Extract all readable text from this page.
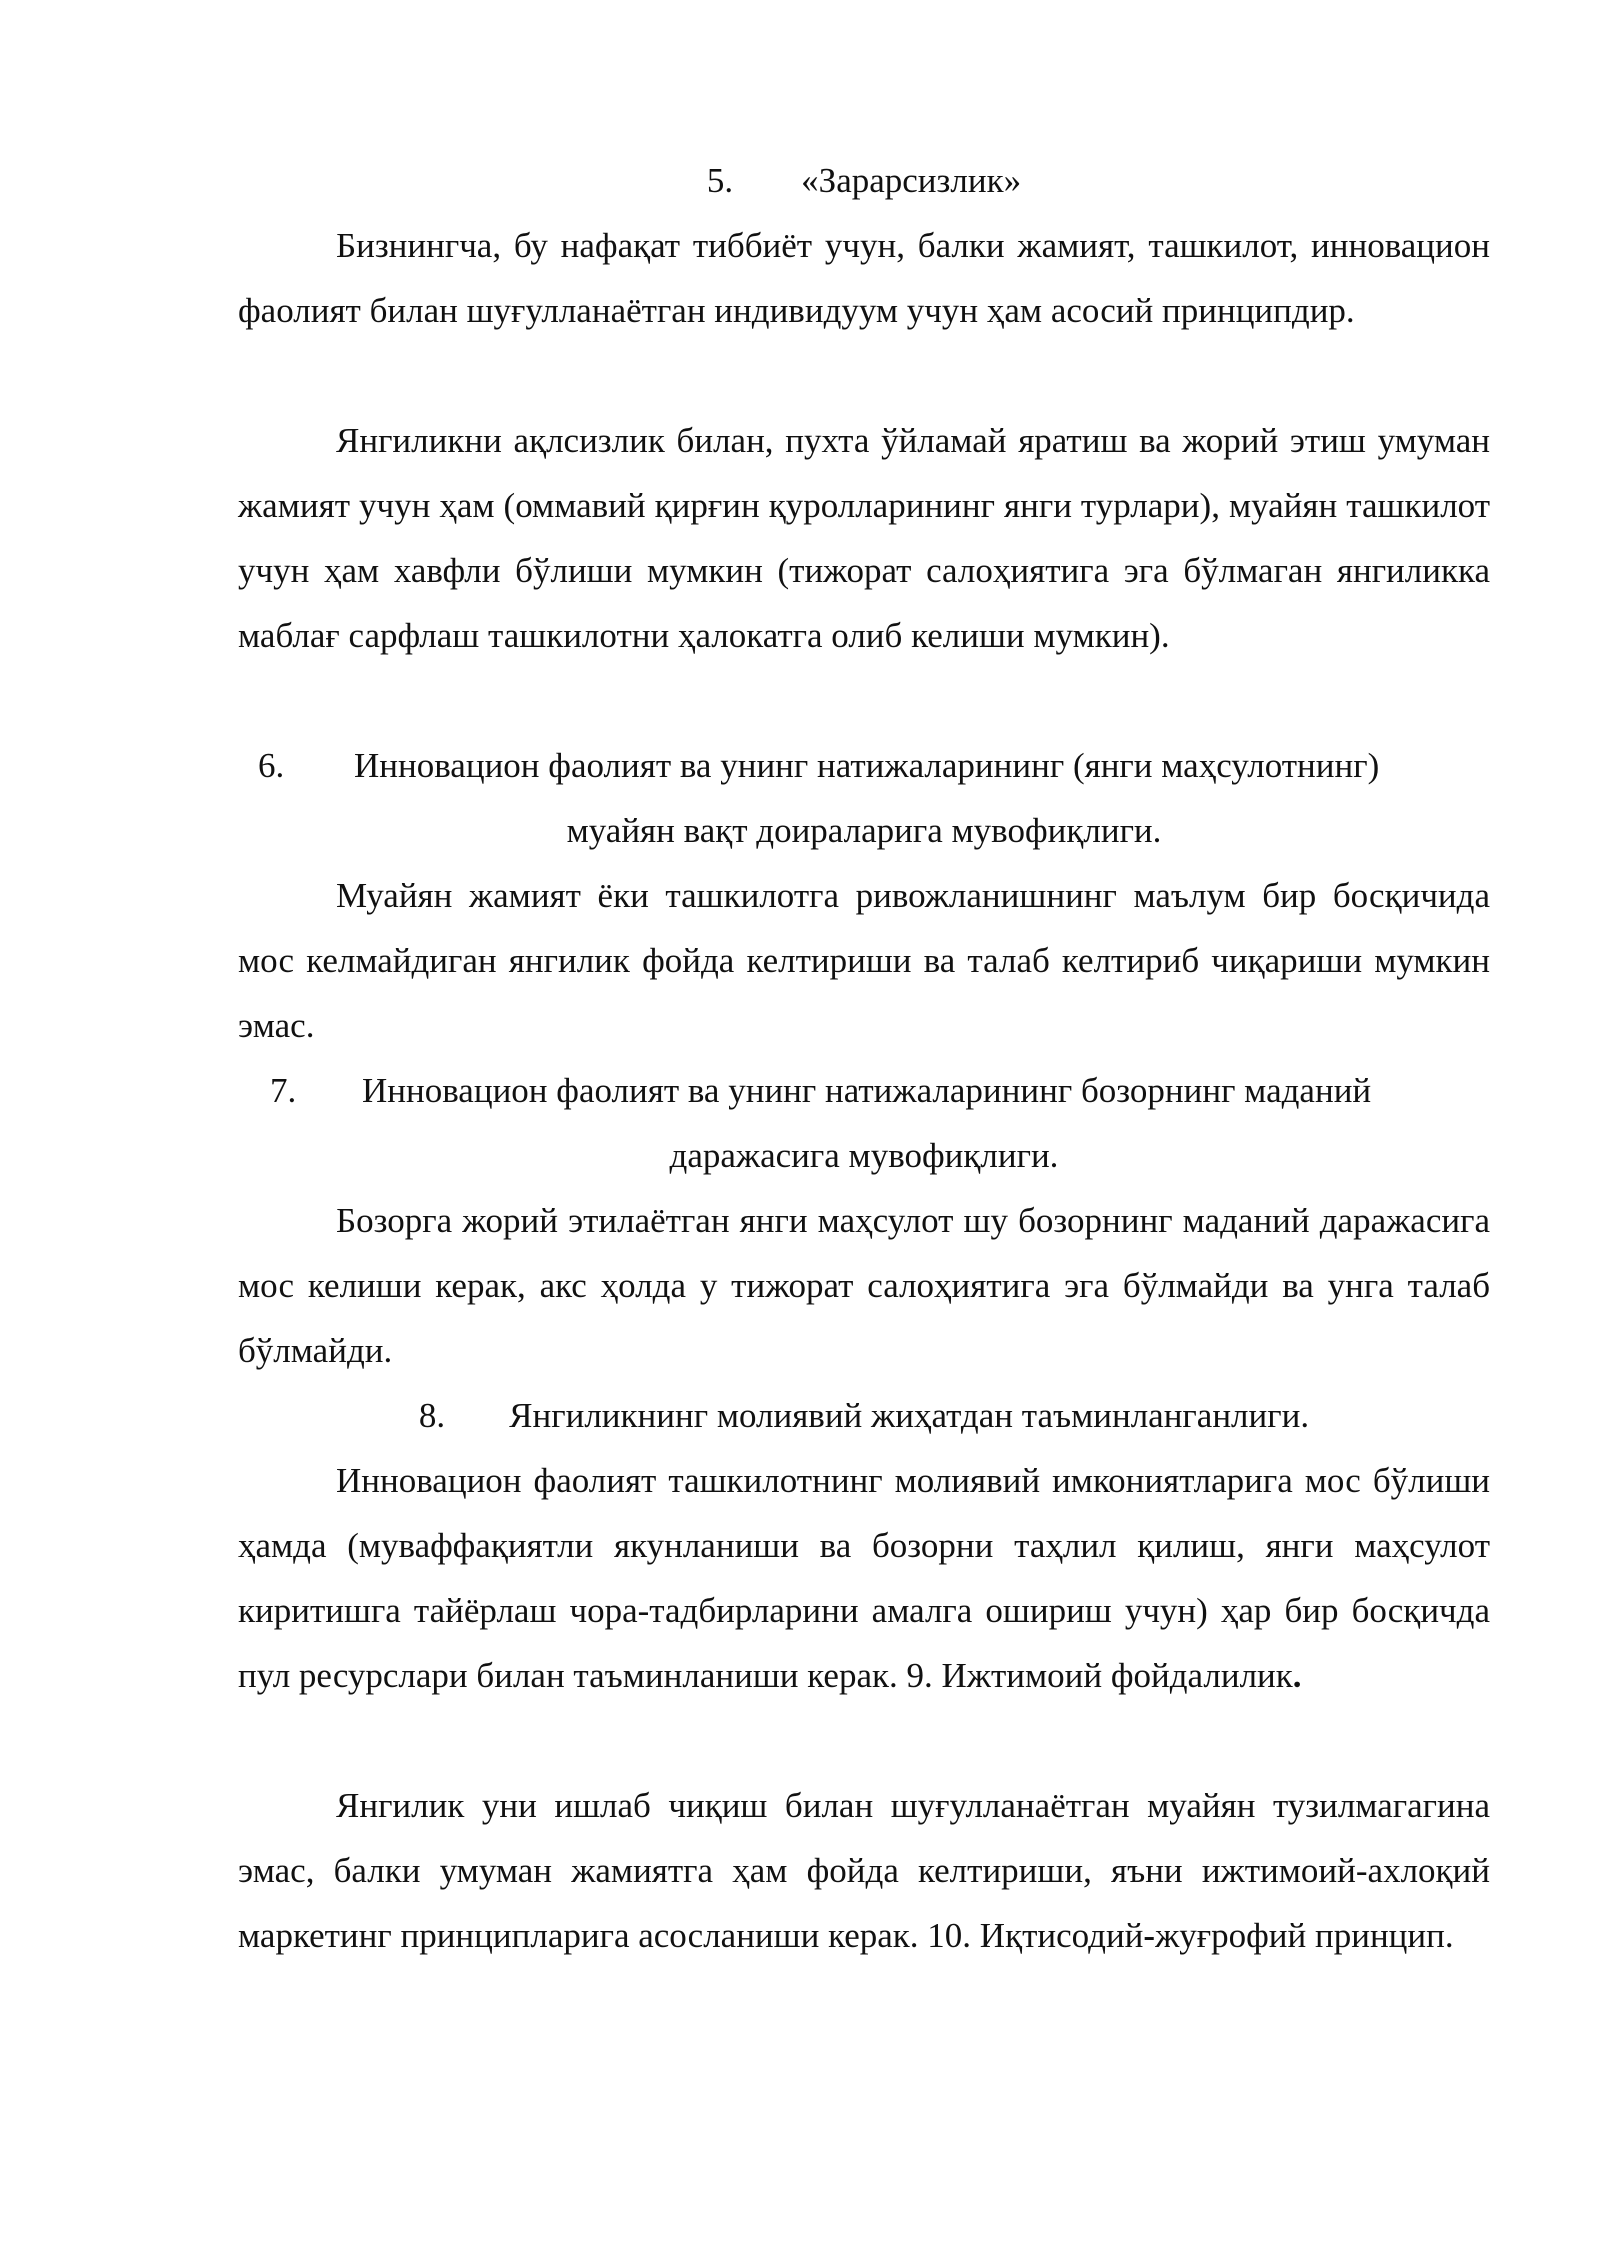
5. «Зарарсизлик»

Бизнингча, бу нафақат тиббиёт учун, балки жамият, ташкилот, инновацион фаолият билан шуғулланаётган индивидуум учун ҳам асосий принципдир.

Янгиликни ақлсизлик билан, пухта ўйламай яратиш ва жорий этиш умуман жамият учун ҳам (оммавий қирғин қуролларининг янги турлари), муайян ташкилот учун ҳам хавфли бўлиши мумкин (тижорат салоҳиятига эга бўлмаган янгиликка маблағ сарфлаш ташкилотни ҳалокатга олиб келиши мумкин).

6. Инновацион фаолият ва унинг натижаларининг (янги маҳсулотнинг)
муайян вақт доираларига мувофиқлиги.

Муайян жамият ёки ташкилотга ривожланишнинг маълум бир босқичида мос келмайдиган янгилик фойда келтириши ва талаб келтириб чиқариши мумкин эмас.

7. Инновацион фаолият ва унинг натижаларининг бозорнинг маданий
даражасига мувофиқлиги.

Бозорга жорий этилаётган янги маҳсулот шу бозорнинг маданий даражасига мос келиши керак, акс ҳолда у тижорат салоҳиятига эга бўлмайди ва унга талаб бўлмайди.

8. Янгиликнинг молиявий жиҳатдан таъминланганлиги.

Инновацион фаолият ташкилотнинг молиявий имкониятларига мос бўлиши ҳамда (муваффақиятли якунланиши ва бозорни таҳлил қилиш, янги маҳсулот киритишга тайёрлаш чора-тадбирларини амалга ошириш учун) ҳар бир босқичда пул ресурслари билан таъминланиши керак. 9. Ижтимоий фойдалилик.

Янгилик уни ишлаб чиқиш билан шуғулланаётган муайян тузилмагагина эмас, балки умуман жамиятга ҳам фойда келтириши, яъни ижтимоий-ахлоқий маркетинг принципларига асосланиши керак. 10. Иқтисодий-жуғрофий принцип.
